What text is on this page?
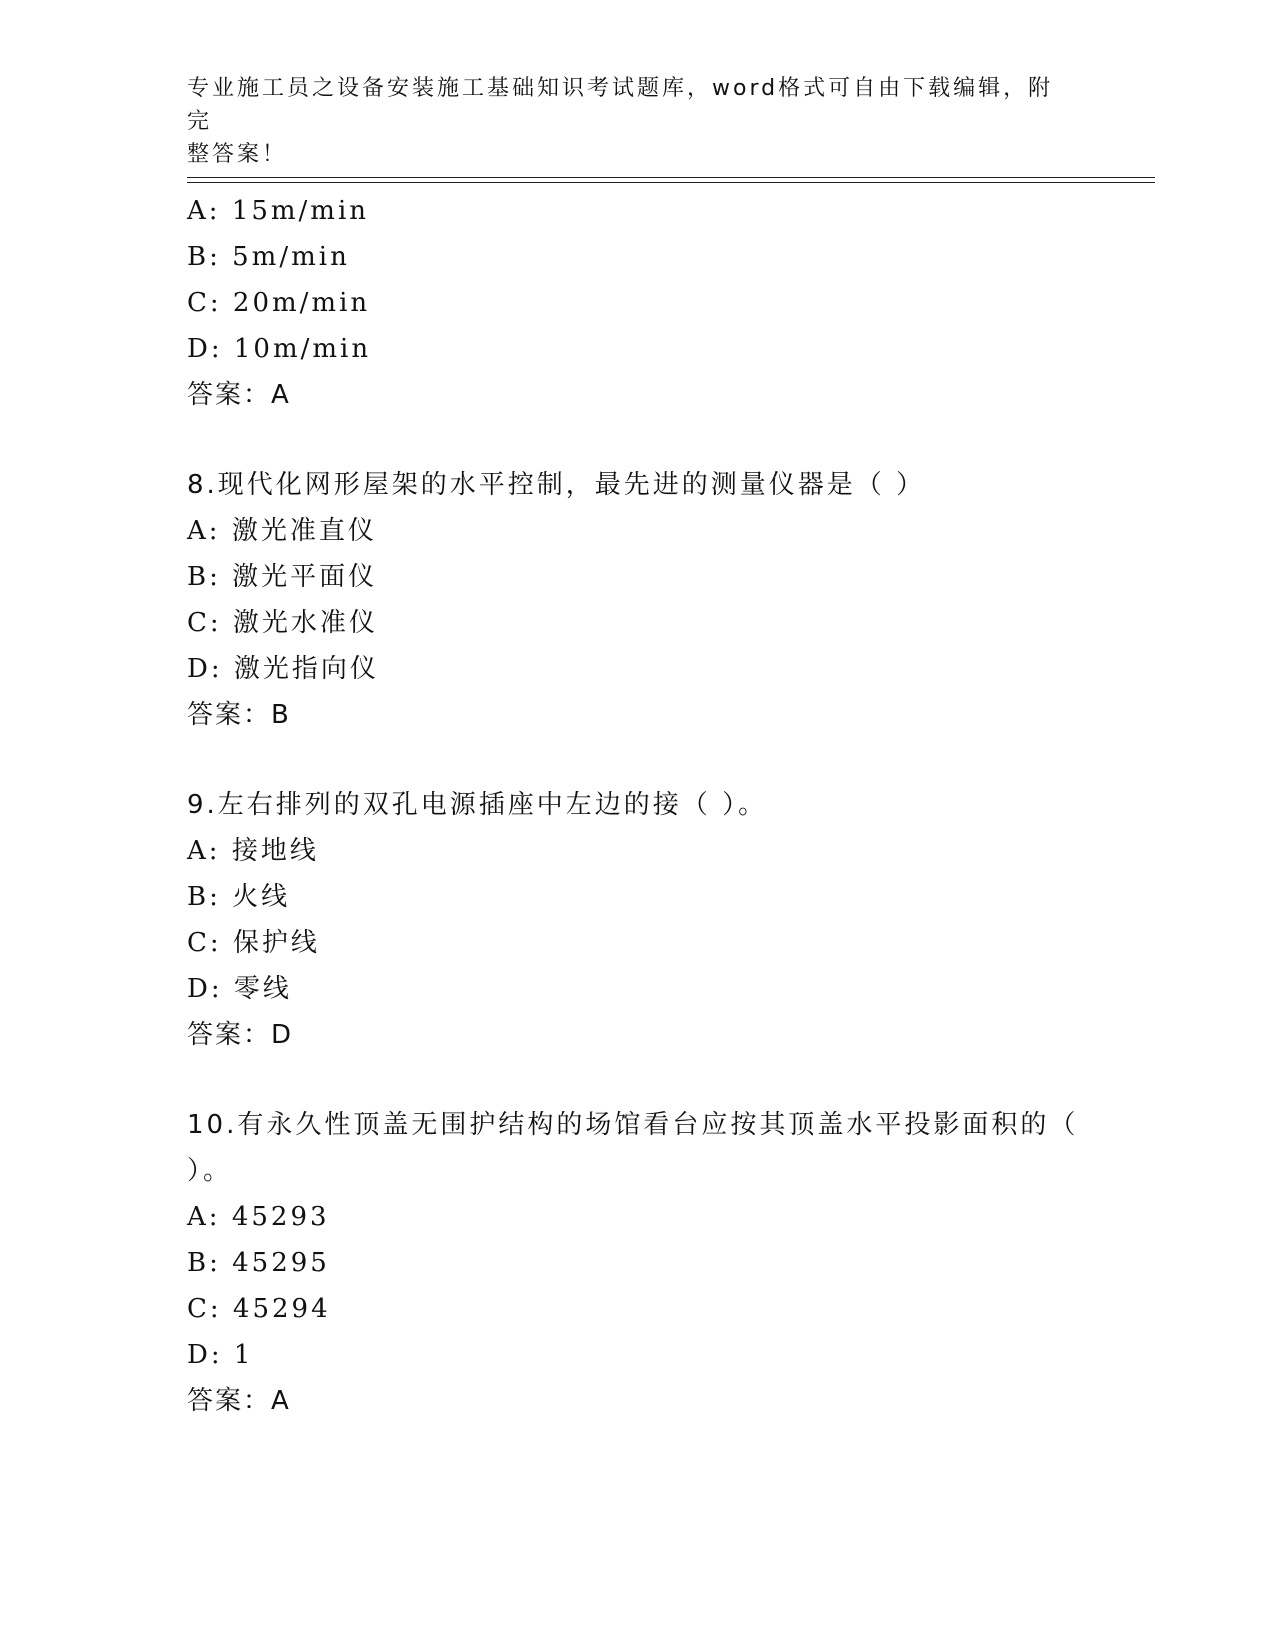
专业施工员之设备安装施工基础知识考试题库，word格式可自由下载编辑，附完
整答案！
A: 15m/min
B: 5m/min
C: 20m/min
D: 10m/min
答案：A
8.现代化网形屋架的水平控制，最先进的测量仪器是（ ）
A: 激光准直仪
B: 激光平面仪
C: 激光水准仪
D: 激光指向仪
答案：B
9.左右排列的双孔电源插座中左边的接（ ）。
A: 接地线
B: 火线
C: 保护线
D: 零线
答案：D
10.有永久性顶盖无围护结构的场馆看台应按其顶盖水平投影面积的（ ）。
A: 45293
B: 45295
C: 45294
D: 1
答案：A
